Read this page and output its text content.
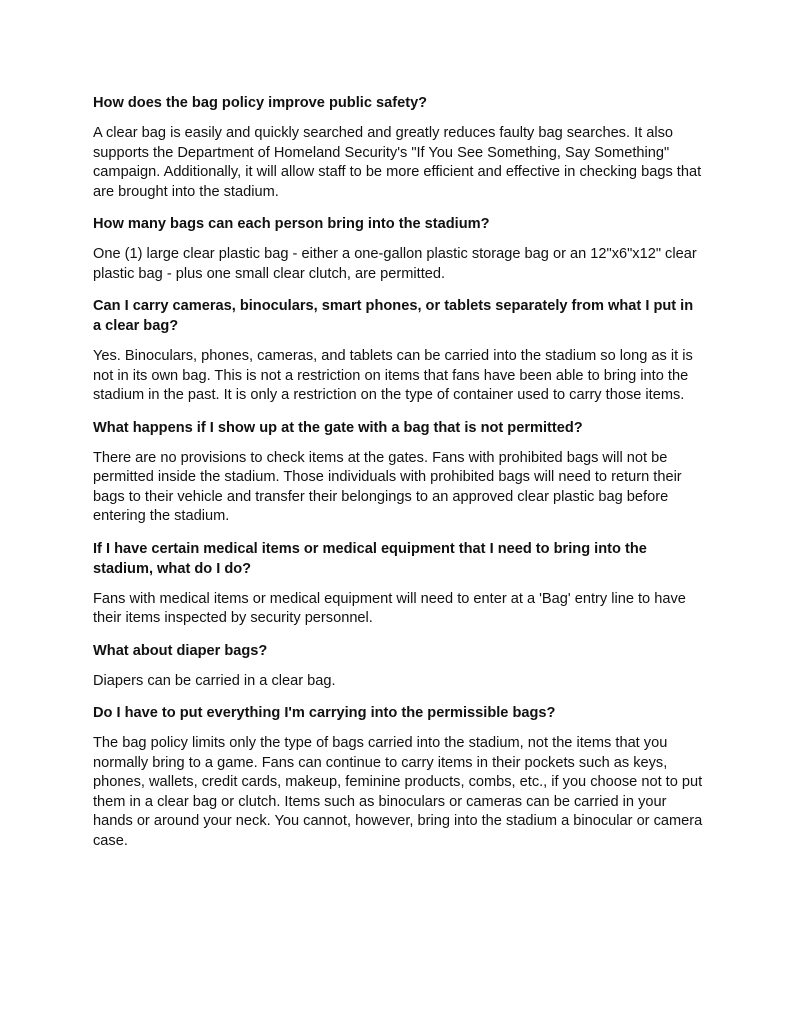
How does the bag policy improve public safety?

A clear bag is easily and quickly searched and greatly reduces faulty bag searches. It also supports the Department of Homeland Security's "If You See Something, Say Something" campaign. Additionally, it will allow staff to be more efficient and effective in checking bags that are brought into the stadium.

How many bags can each person bring into the stadium?

One (1) large clear plastic bag - either a one-gallon plastic storage bag or an 12"x6"x12" clear plastic bag - plus one small clear clutch, are permitted.

Can I carry cameras, binoculars, smart phones, or tablets separately from what I put in a clear bag?

Yes. Binoculars, phones, cameras, and tablets can be carried into the stadium so long as it is not in its own bag. This is not a restriction on items that fans have been able to bring into the stadium in the past. It is only a restriction on the type of container used to carry those items.

What happens if I show up at the gate with a bag that is not permitted?

There are no provisions to check items at the gates. Fans with prohibited bags will not be permitted inside the stadium. Those individuals with prohibited bags will need to return their bags to their vehicle and transfer their belongings to an approved clear plastic bag before entering the stadium.

If I have certain medical items or medical equipment that I need to bring into the stadium, what do I do?

Fans with medical items or medical equipment will need to enter at a 'Bag' entry line to have their items inspected by security personnel.

What about diaper bags?

Diapers can be carried in a clear bag.

Do I have to put everything I'm carrying into the permissible bags?

The bag policy limits only the type of bags carried into the stadium, not the items that you normally bring to a game. Fans can continue to carry items in their pockets such as keys, phones, wallets, credit cards, makeup, feminine products, combs, etc., if you choose not to put them in a clear bag or clutch. Items such as binoculars or cameras can be carried in your hands or around your neck. You cannot, however, bring into the stadium a binocular or camera case.
